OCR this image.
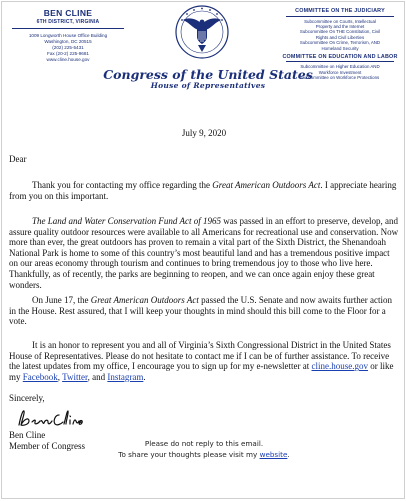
BEN CLINE
6TH DISTRICT, VIRGINIA
1009 Longworth House Office Building
Washington, DC 20515
(202) 225-5431
Fax (20-2) 225-9681
www.cline.house.gov
Congress of the United States
House of Representatives
COMMITTEE ON THE JUDICIARY
Subcommittee on Courts, Intellectual
Property and the Internet
Subcommittee On THE Constitution, Civil
Rights and Civil Liberties
Subcommittee On Crime, Terrorism, AND
Homeland Security
COMMITTEE ON EDUCATION AND LABOR
Subcommittee on Higher Education AND
Workforce Investment
Subcommittee on Workforce Protections
July 9, 2020
Dear
Thank you for contacting my office regarding the Great American Outdoors Act. I appreciate hearing from you on this important.
The Land and Water Conservation Fund Act of 1965 was passed in an effort to preserve, develop, and assure quality outdoor resources were available to all Americans for recreational use and conservation. Now more than ever, the great outdoors has proven to remain a vital part of the Sixth District, the Shenandoah National Park is home to some of this country’s most beautiful land and has a tremendous positive impact on our areas economy through tourism and continues to bring tremendous joy to those who live here. Thankfully, as of recently, the parks are beginning to reopen, and we can once again enjoy these great wonders.
On June 17, the Great American Outdoors Act passed the U.S. Senate and now awaits further action in the House. Rest assured, that I will keep your thoughts in mind should this bill come to the Floor for a vote.
It is an honor to represent you and all of Virginia’s Sixth Congressional District in the United States House of Representatives. Please do not hesitate to contact me if I can be of further assistance. To receive the latest updates from my office, I encourage you to sign up for my e-newsletter at cline.house.gov or like my Facebook, Twitter, and Instagram.
Sincerely,
Ben Cline
Member of Congress	Please do not reply to this email.
To share your thoughts please visit my website.
